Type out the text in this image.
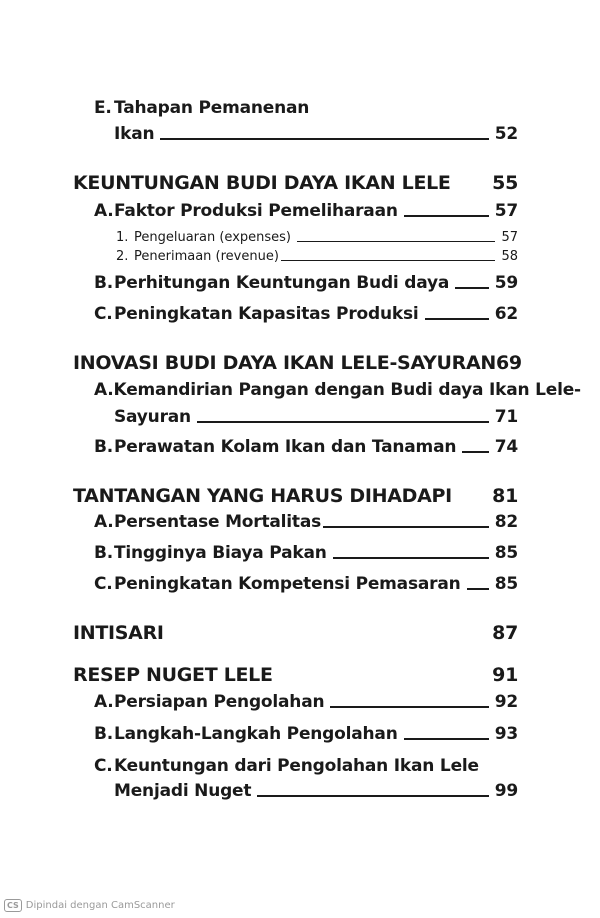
E. Tahapan Pemanenan
Ikan	52
KEUNTUNGAN BUDI DAYA IKAN LELE 55
A. Faktor Produksi Pemeliharaan	57
1. Pengeluaran (expenses)	57
2. Penerimaan (revenue)	58
B. Perhitungan Keuntungan Budi daya	59
C. Peningkatan Kapasitas Produksi	62
INOVASI BUDI DAYA IKAN LELE-SAYURAN 69
A. Kemandirian Pangan dengan Budi daya Ikan Lele-
Sayuran	71
B. Perawatan Kolam Ikan dan Tanaman 74
TANTANGAN YANG HARUS DIHADAPI 81
A. Persentase Mortalitas	82
B. Tingginya Biaya Pakan	85
C. Peningkatan Kompetensi Pemasaran 85
INTISARI	87
RESEP NUGET LELE	91
A. Persiapan Pengolahan	92
B. Langkah-Langkah Pengolahan	93
C. Keuntungan dari Pengolahan Ikan Lele
Menjadi Nuget	99
CS Dipindai dengan CamScanner
